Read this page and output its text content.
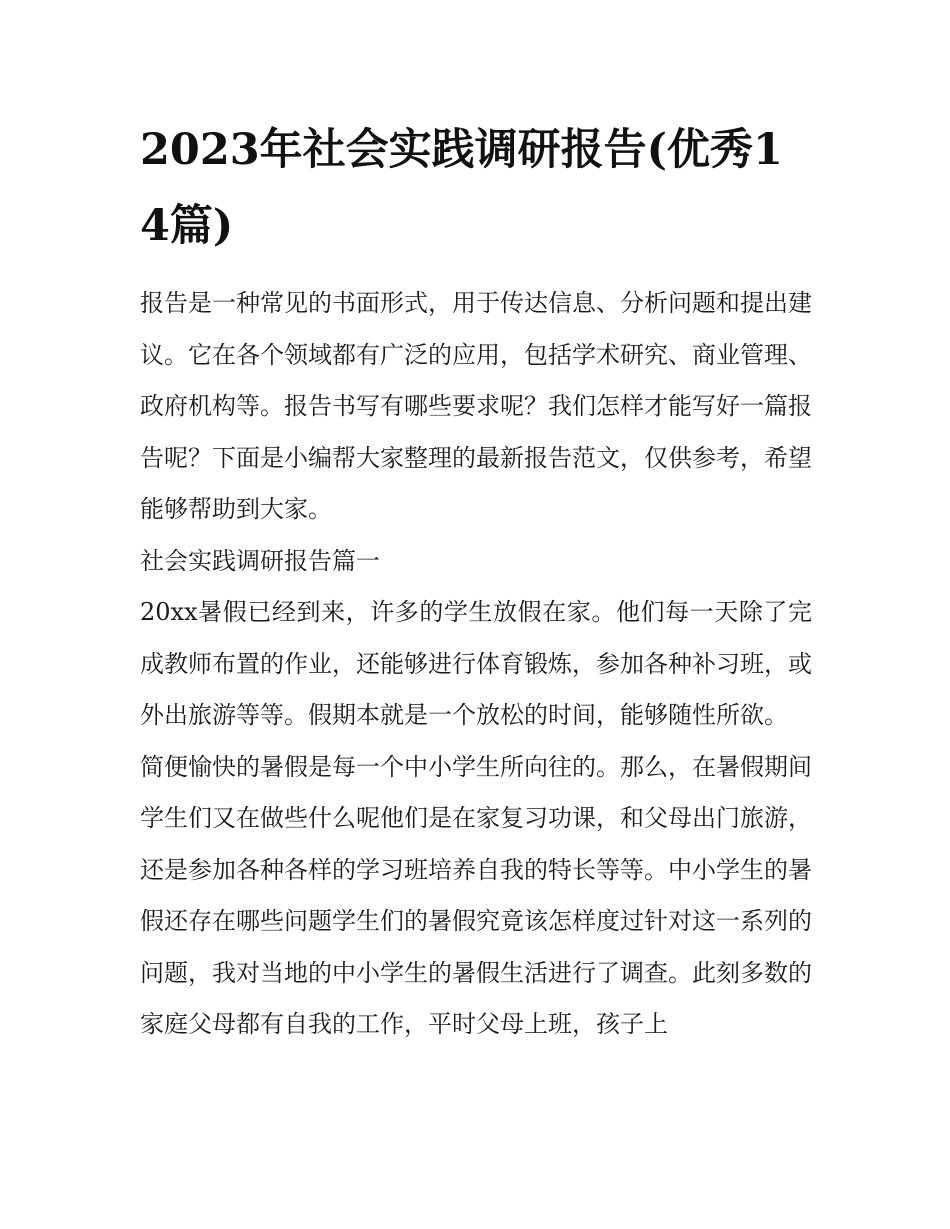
2023年社会实践调研报告(优秀14篇)

报告是一种常见的书面形式，用于传达信息、分析问题和提出建议。它在各个领域都有广泛的应用，包括学术研究、商业管理、政府机构等。报告书写有哪些要求呢？我们怎样才能写好一篇报告呢？下面是小编帮大家整理的最新报告范文，仅供参考，希望能够帮助到大家。

社会实践调研报告篇一

20xx暑假已经到来，许多的学生放假在家。他们每一天除了完成教师布置的作业，还能够进行体育锻炼，参加各种补习班，或外出旅游等等。假期本就是一个放松的时间，能够随性所欲。

简便愉快的暑假是每一个中小学生所向往的。那么，在暑假期间学生们又在做些什么呢他们是在家复习功课，和父母出门旅游，还是参加各种各样的学习班培养自我的特长等等。中小学生的暑假还存在哪些问题学生们的暑假究竟该怎样度过针对这一系列的问题，我对当地的中小学生的暑假生活进行了调查。此刻多数的家庭父母都有自我的工作，平时父母上班，孩子上
